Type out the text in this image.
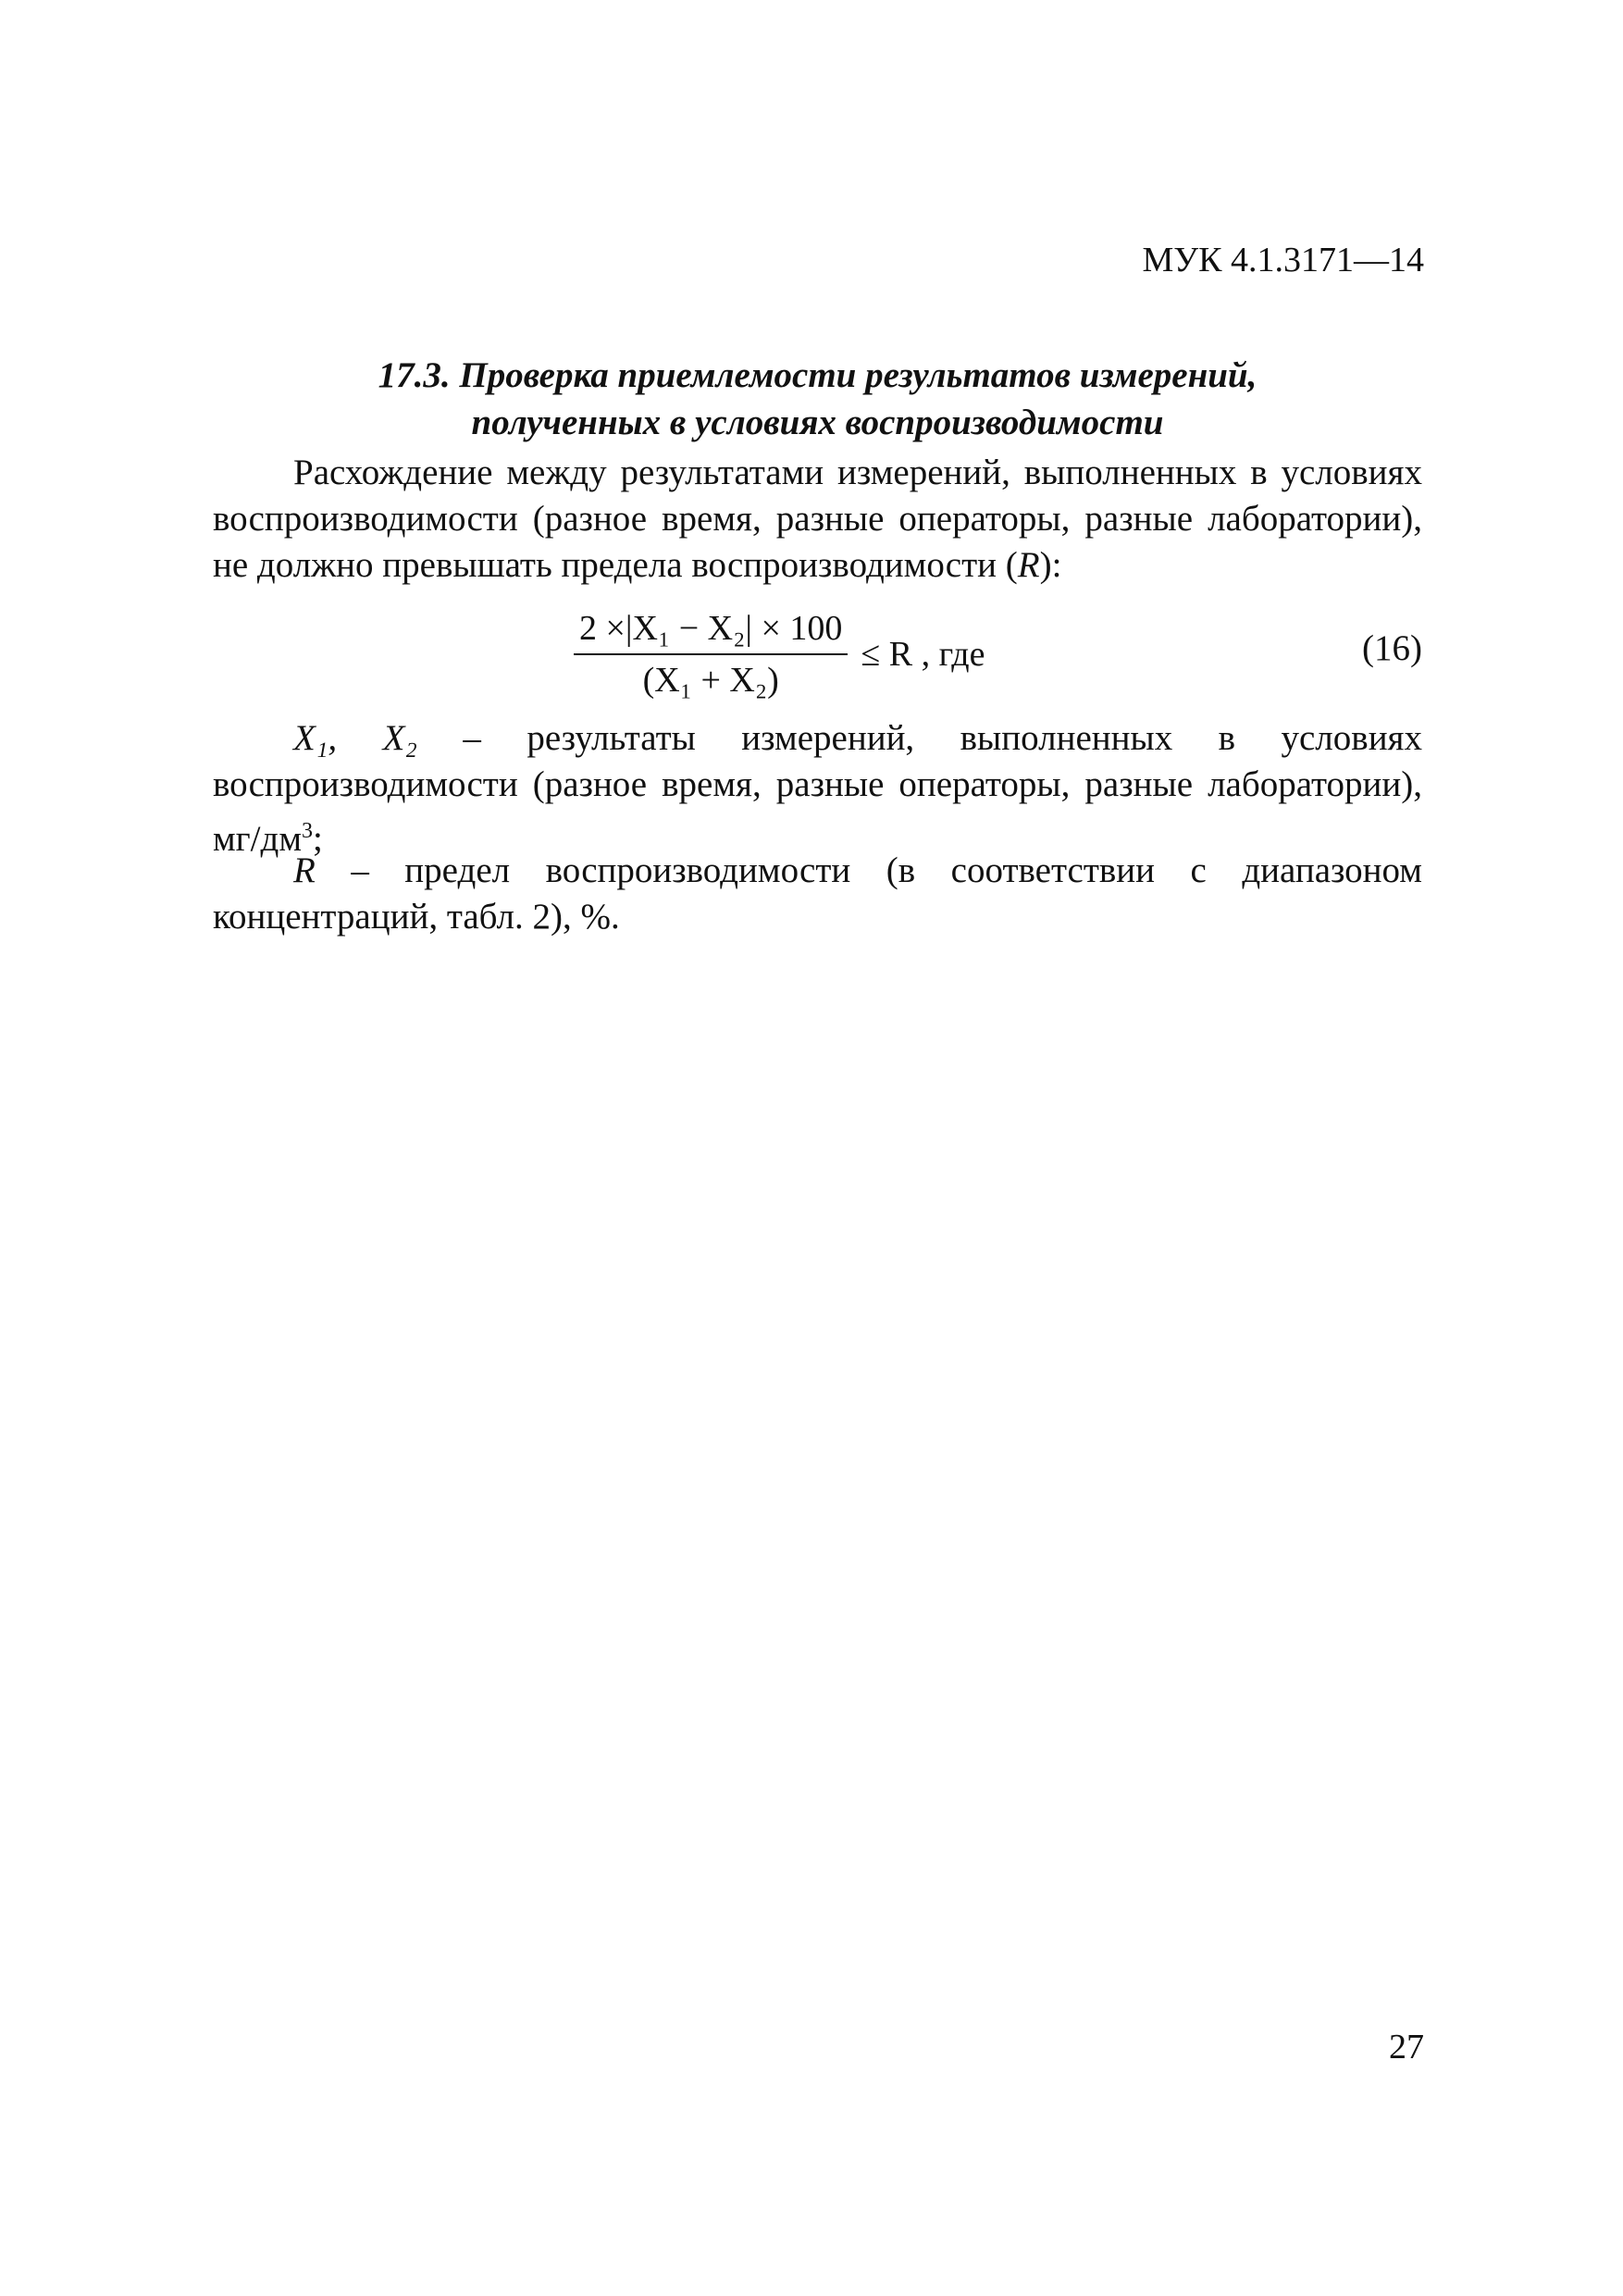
МУК 4.1.3171—14
17.3. Проверка приемлемости результатов измерений,
полученных в условиях воспроизводимости
Расхождение между результатами измерений, выполненных в условиях воспроизводимости (разное время, разные операторы, разные лаборатории), не должно превышать предела воспроизводимости (R):
$\frac{\text{2 ×|X₁ − X₂| × 100}}{\text{(X₁ + X₂)}} \le R$ , где	(16)
X₁, X₂ – результаты измерений, выполненных в условиях воспроизводимости (разное время, разные операторы, разные лаборатории), $мг/дм^3$;
R – предел воспроизводимости (в соответствии с диапазоном концентраций, табл. 2), %.
27
